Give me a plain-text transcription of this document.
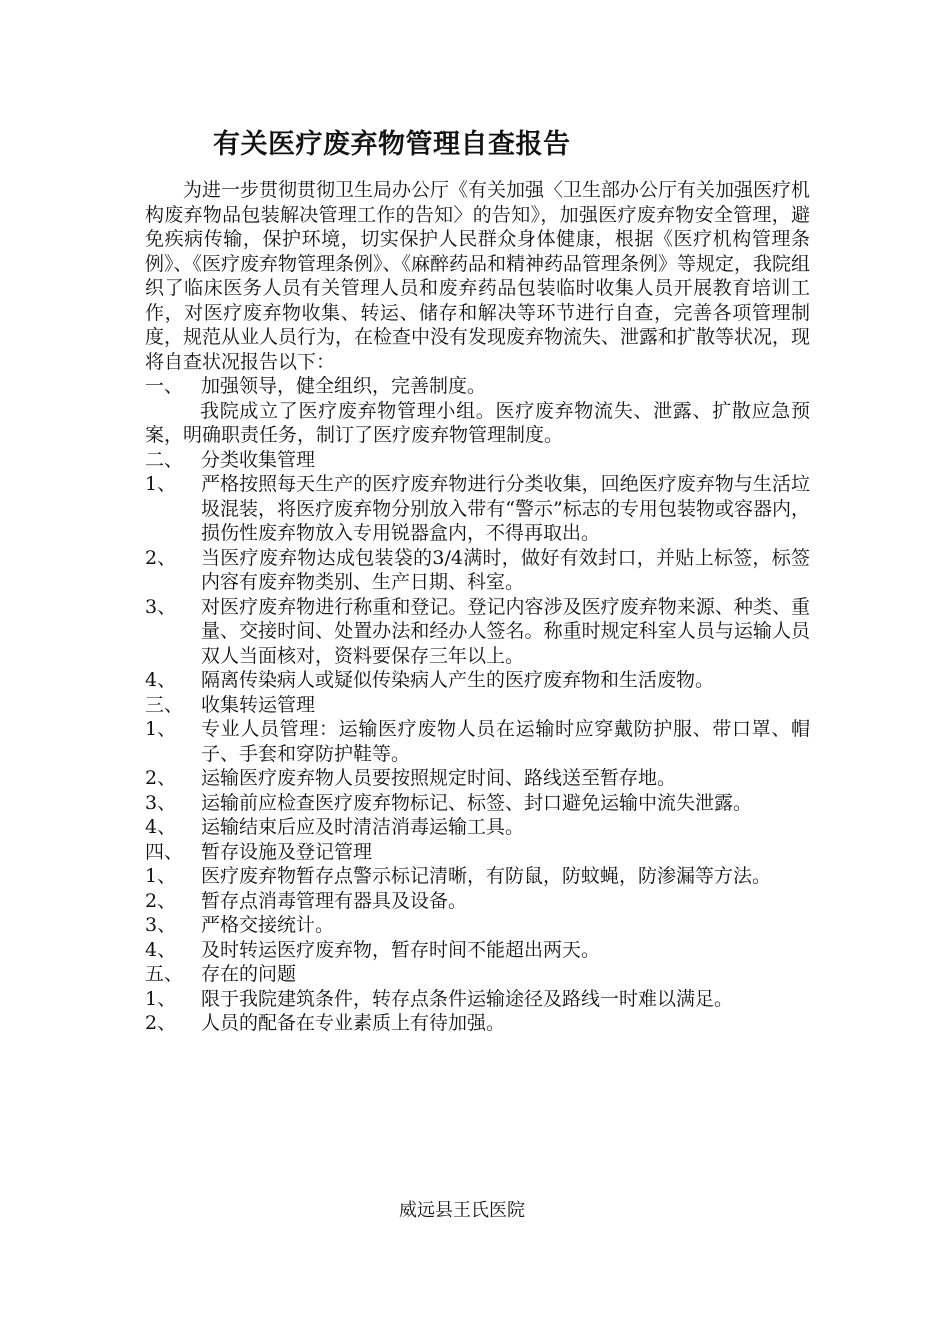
有关医疗废弃物管理自查报告

为进一步贯彻贯彻卫生局办公厅《有关加强〈卫生部办公厅有关加强医疗机构废弃物品包装解决管理工作的告知〉的告知》，加强医疗废弃物安全管理，避免疾病传输，保护环境，切实保护人民群众身体健康，根据《医疗机构管理条例》、《医疗废弃物管理条例》、《麻醉药品和精神药品管理条例》等规定，我院组织了临床医务人员有关管理人员和废弃药品包装临时收集人员开展教育培训工作，对医疗废弃物收集、转运、储存和解决等环节进行自查，完善各项管理制度，规范从业人员行为，在检查中没有发现废弃物流失、泄露和扩散等状况，现将自查状况报告以下：

一、 加强领导，健全组织，完善制度。

我院成立了医疗废弃物管理小组。医疗废弃物流失、泄露、扩散应急预案，明确职责任务，制订了医疗废弃物管理制度。

二、 分类收集管理
1、	严格按照每天生产的医疗废弃物进行分类收集，回绝医疗废弃物与生活垃圾混装，将医疗废弃物分别放入带有“警示”标志的专用包装物或容器内，损伤性废弃物放入专用锐器盒内，不得再取出。
2、	当医疗废弃物达成包装袋的3/4满时，做好有效封口，并贴上标签，标签内容有废弃物类别、生产日期、科室。
3、	对医疗废弃物进行称重和登记。登记内容涉及医疗废弃物来源、种类、重量、交接时间、处置办法和经办人签名。称重时规定科室人员与运输人员双人当面核对，资料要保存三年以上。
4、	隔离传染病人或疑似传染病人产生的医疗废弃物和生活废物。
三、 收集转运管理
1、	专业人员管理：运输医疗废物人员在运输时应穿戴防护服、带口罩、帽子、手套和穿防护鞋等。
2、	运输医疗废弃物人员要按照规定时间、路线送至暂存地。
3、	运输前应检查医疗废弃物标记、标签、封口避免运输中流失泄露。
4、	运输结束后应及时清洁消毒运输工具。
四、 暂存设施及登记管理
1、	医疗废弃物暂存点警示标记清晰，有防鼠，防蚊蝇，防渗漏等方法。
2、	暂存点消毒管理有器具及设备。
3、	严格交接统计。
4、	及时转运医疗废弃物，暂存时间不能超出两天。
五、 存在的问题
1、	限于我院建筑条件，转存点条件运输途径及路线一时难以满足。
2、	人员的配备在专业素质上有待加强。
威远县王氏医院
